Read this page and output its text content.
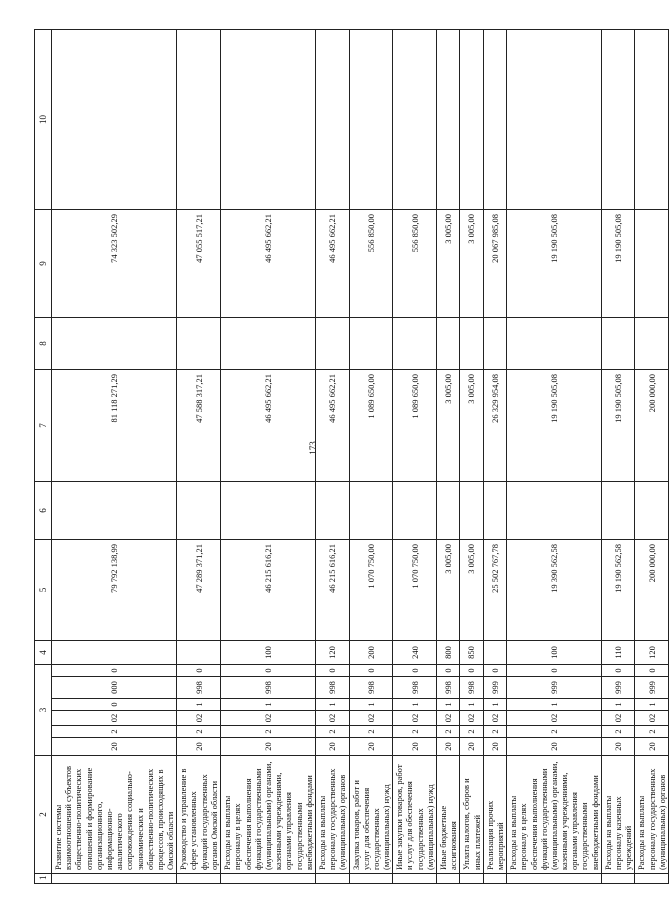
173
1	2	3						4	5	6	7	8	9	10
	Развитие системы взаимоотношений субъектов общественно-политических отношений и формирование организационного, информационно-аналитического сопровождения социально-экономических и общественно-политических процессов, происходящих в Омской области	20	2	02	0	000	0		79 792 138,99		81 118 271,29		74 323 502,29	
	Руководство и управление в сфере установленных функций государственных органов Омской области	20	2	02	1	998	0		47 289 371,21		47 588 317,21		47 055 517,21	
	Расходы на выплаты персоналу в целях обеспечения выполнения функций государственными (муниципальными) органами, казенными учреждениями, органами управления государственными внебюджетными фондами	20	2	02	1	998	0	100	46 215 616,21		46 495 662,21		46 495 662,21	
	Расходы на выплаты персоналу государственных (муниципальных) органов	20	2	02	1	998	0	120	46 215 616,21		46 495 662,21		46 495 662,21	
	Закупка товаров, работ и услуг для обеспечения государственных (муниципальных) нужд	20	2	02	1	998	0	200	1 070 750,00		1 089 650,00		556 850,00	
	Иные закупки товаров, работ и услуг для обеспечения государственных (муниципальных) нужд	20	2	02	1	998	0	240	1 070 750,00		1 089 650,00		556 850,00	
	Иные бюджетные ассигнования	20	2	02	1	998	0	800	3 005,00		3 005,00		3 005,00	
	Уплата налогов, сборов и иных платежей	20	2	02	1	998	0	850	3 005,00		3 005,00		3 005,00	
	Реализация прочих мероприятий	20	2	02	1	999	0		25 502 767,78		26 329 954,08		20 067 985,08	
	Расходы на выплаты персоналу в целях обеспечения выполнения функций государственными (муниципальными) органами, казенными учреждениями, органами управления государственными внебюджетными фондами	20	2	02	1	999	0	100	19 390 562,58		19 190 505,08		19 190 505,08	
	Расходы на выплаты персоналу казенных учреждений	20	2	02	1	999	0	110	19 190 562,58		19 190 505,08		19 190 505,08	
	Расходы на выплаты персоналу государственных (муниципальных) органов	20	2	02	1	999	0	120	200 000,00		200 000,00			
